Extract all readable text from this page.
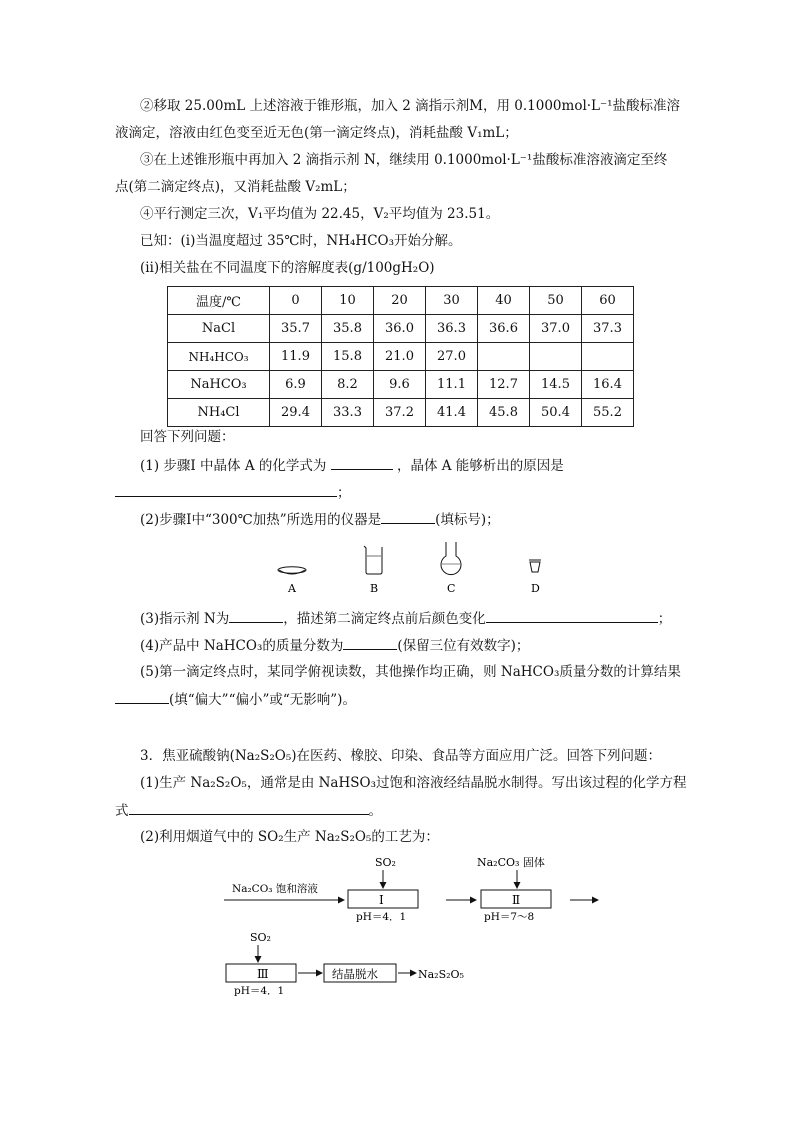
②移取 25.00mL 上述溶液于锥形瓶，加入 2 滴指示剂M，用 0.1000mol·L⁻¹盐酸标准溶
液滴定，溶液由红色变至近无色(第一滴定终点)，消耗盐酸 V₁mL；
③在上述锥形瓶中再加入 2 滴指示剂 N，继续用 0.1000mol·L⁻¹盐酸标准溶液滴定至终
点(第二滴定终点)，又消耗盐酸 V₂mL；
④平行测定三次，V₁平均值为 22.45，V₂平均值为 23.51。
已知：(ⅰ)当温度超过 35℃时，NH₄HCO₃开始分解。
(ⅱ)相关盐在不同温度下的溶解度表(g/100gH₂O)
温度/℃	0	10	20	30	40	50	60
NaCl	35.7	35.8	36.0	36.3	36.6	37.0	37.3
NH₄HCO₃	11.9	15.8	21.0	27.0			
NaHCO₃	6.9	8.2	9.6	11.1	12.7	14.5	16.4
NH₄Cl	29.4	33.3	37.2	41.4	45.8	50.4	55.2
回答下列问题：
(1) 步骤Ⅰ 中晶体 A 的化学式为	，晶体 A 能够析出的原因是
；
(2)步骤Ⅰ中“300℃加热”所选用的仪器是	(填标号)；
A	B	C	D
(3)指示剂 N为	，描述第二滴定终点前后颜色变化	；
(4)产品中 NaHCO₃的质量分数为	(保留三位有效数字)；
(5)第一滴定终点时，某同学俯视读数，其他操作均正确，则 NaHCO₃质量分数的计算结果
(填“偏大”“偏小”或“无影响”)。
3．焦亚硫酸钠(Na₂S₂O₅)在医药、橡胶、印染、食品等方面应用广泛。回答下列问题：
(1)生产 Na₂S₂O₅，通常是由 NaHSO₃过饱和溶液经结晶脱水制得。写出该过程的化学方程
式	。
(2)利用烟道气中的 SO₂生产 Na₂S₂O₅的工艺为：
Na₂CO₃ 饱和溶液
SO₂
Ⅰ
pH＝4．1
Na₂CO₃ 固体
Ⅱ
pH＝7～8
SO₂
Ⅲ
pH＝4．1
结晶脱水	Na₂S₂O₅
